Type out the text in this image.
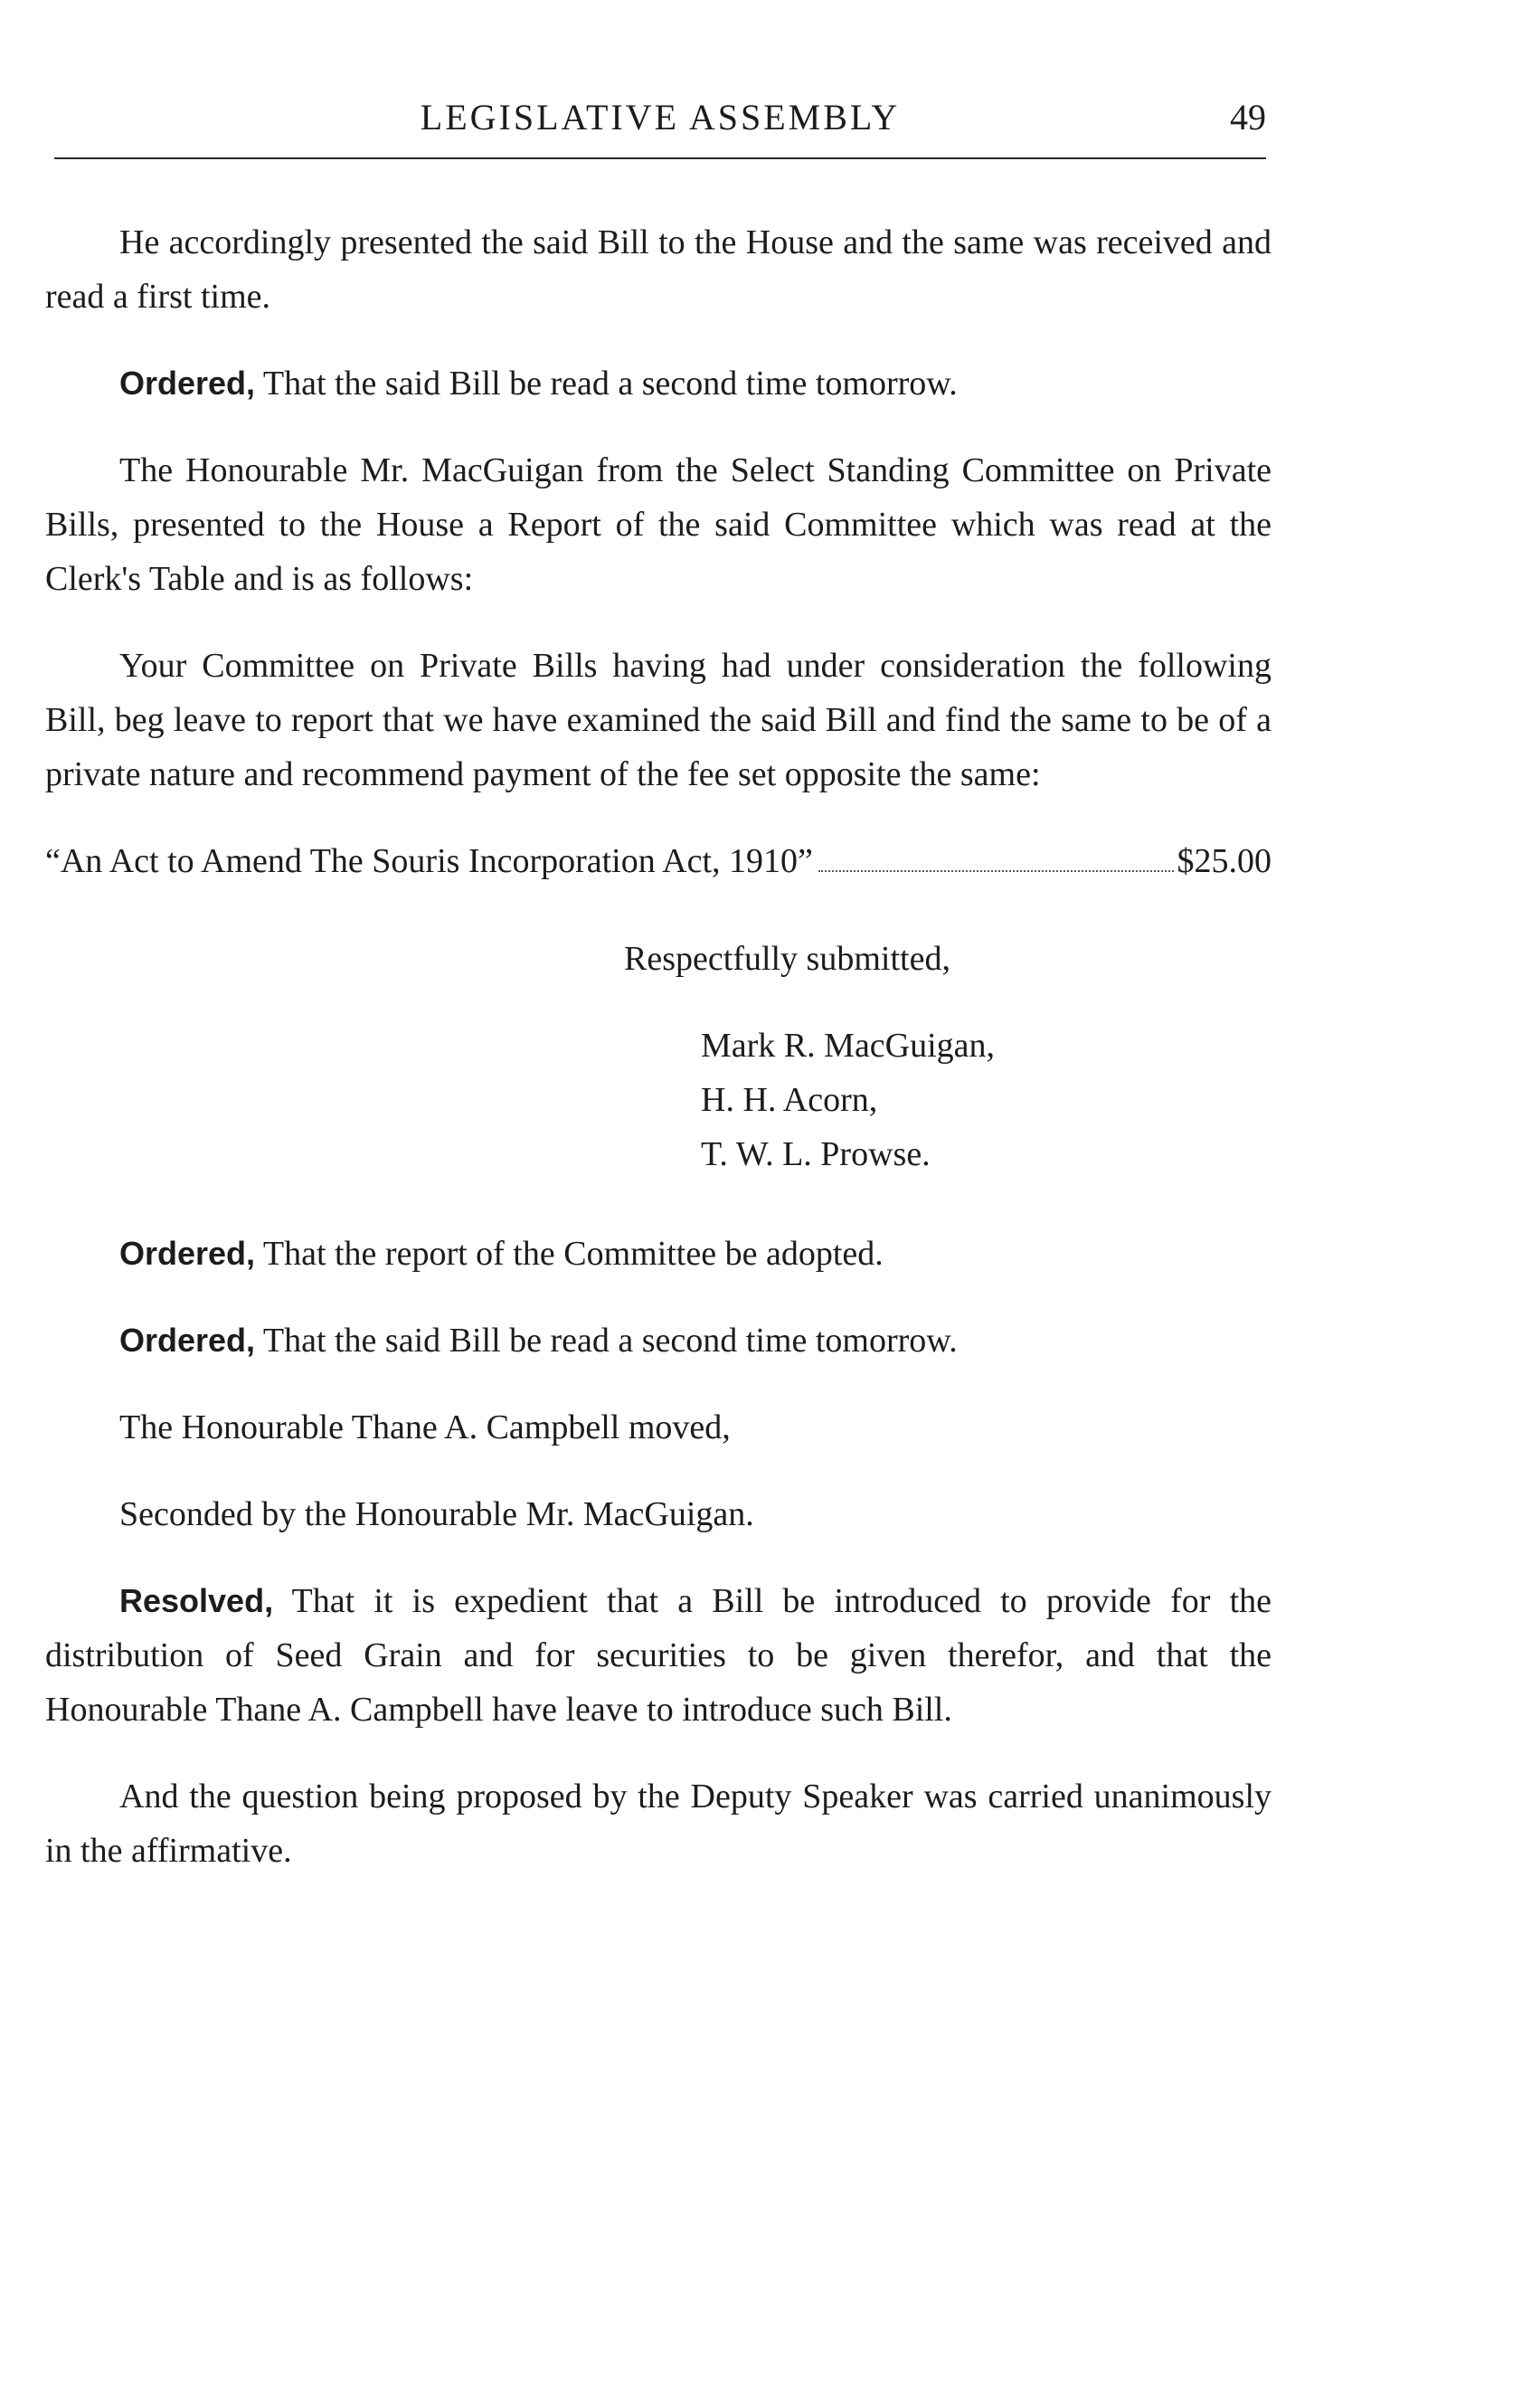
LEGISLATIVE ASSEMBLY	49

He accordingly presented the said Bill to the House and the same was received and read a first time.

Ordered, That the said Bill be read a second time tomorrow.

The Honourable Mr. MacGuigan from the Select Standing Committee on Private Bills, presented to the House a Report of the said Committee which was read at the Clerk's Table and is as follows:

Your Committee on Private Bills having had under consideration the following Bill, beg leave to report that we have examined the said Bill and find the same to be of a private nature and recommend payment of the fee set opposite the same:

“An Act to Amend The Souris Incorporation Act, 1910”	$25.00
Respectfully submitted,
Mark R. MacGuigan,
H. H. Acorn,
T. W. L. Prowse.

Ordered, That the report of the Committee be adopted.

Ordered, That the said Bill be read a second time tomorrow.

The Honourable Thane A. Campbell moved,

Seconded by the Honourable Mr. MacGuigan.

Resolved, That it is expedient that a Bill be introduced to provide for the distribution of Seed Grain and for securities to be given therefor, and that the Honourable Thane A. Campbell have leave to introduce such Bill.

And the question being proposed by the Deputy Speaker was carried unanimously in the affirmative.
